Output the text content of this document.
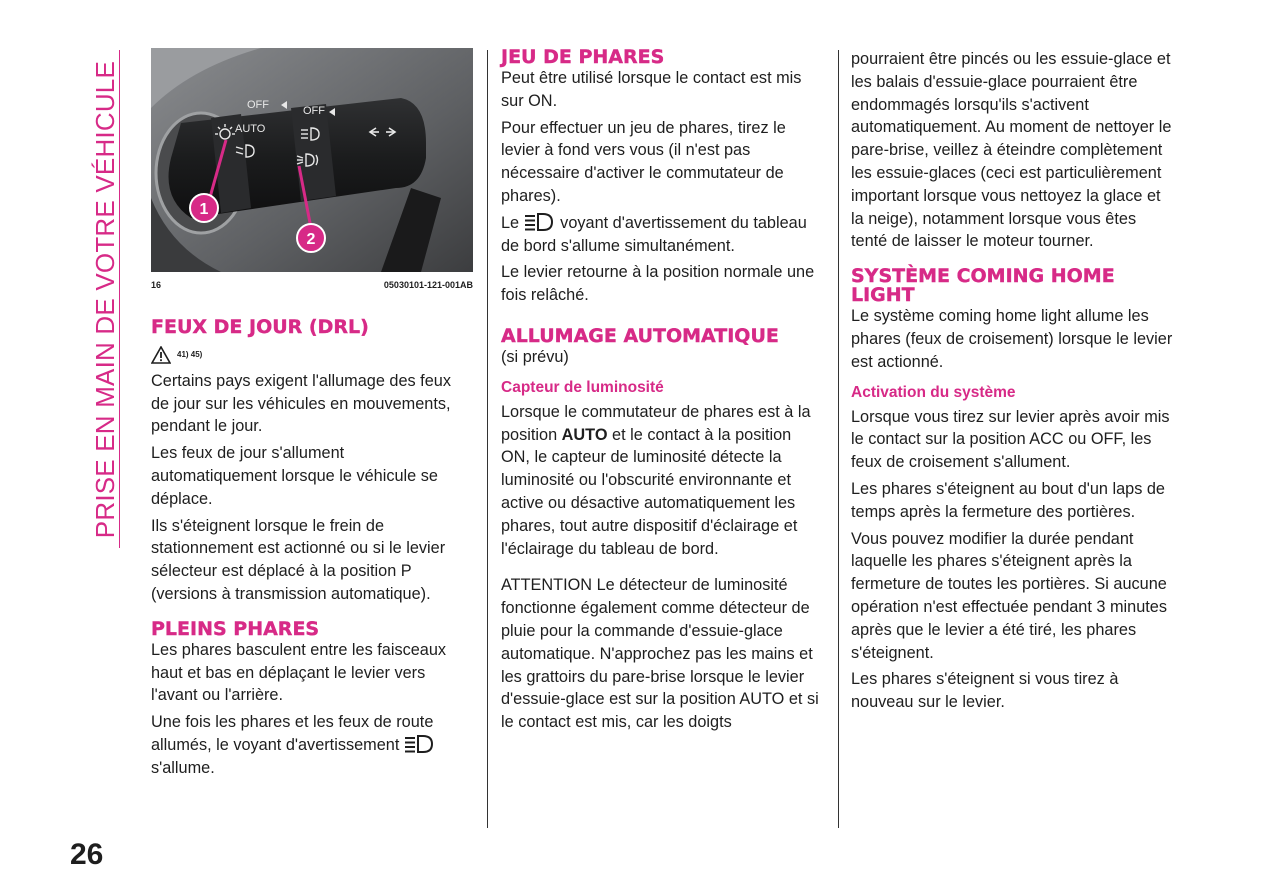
PRISE EN MAIN DE VOTRE VÉHICULE	OFF	OFF
AUTO
1
2
16	05030101-121-001AB
FEUX DE JOUR (DRL)
41) 45)

Certains pays exigent l'allumage des feux de jour sur les véhicules en mouvements, pendant le jour.

Les feux de jour s'allument automatiquement lorsque le véhicule se déplace.

Ils s'éteignent lorsque le frein de stationnement est actionné ou si le levier sélecteur est déplacé à la position P (versions à transmission automatique).

PLEINS PHARES

Les phares basculent entre les faisceaux haut et bas en déplaçant le levier vers l'avant ou l'arrière.

Une fois les phares et les feux de route allumés, le voyant d'avertissement  s'allume.

JEU DE PHARES

Peut être utilisé lorsque le contact est mis sur ON.

Pour effectuer un jeu de phares, tirez le levier à fond vers vous (il n'est pas nécessaire d'activer le commutateur de phares).

Le  voyant d'avertissement du tableau de bord s'allume simultanément.

Le levier retourne à la position normale une fois relâché.

ALLUMAGE AUTOMATIQUE

(si prévu)

Capteur de luminosité

Lorsque le commutateur de phares est à la position AUTO et le contact à la position ON, le capteur de luminosité détecte la luminosité ou l'obscurité environnante et active ou désactive automatiquement les phares, tout autre dispositif d'éclairage et l'éclairage du tableau de bord.

ATTENTION Le détecteur de luminosité fonctionne également comme détecteur de pluie pour la commande d'essuie-glace automatique. N'approchez pas les mains et les grattoirs du pare-brise lorsque le levier d'essuie-glace est sur la position AUTO et si le contact est mis, car les doigts

pourraient être pincés ou les essuie-glace et les balais d'essuie-glace pourraient être endommagés lorsqu'ils s'activent automatiquement. Au moment de nettoyer le pare-brise, veillez à éteindre complètement les essuie-glaces (ceci est particulièrement important lorsque vous nettoyez la glace et la neige), notamment lorsque vous êtes tenté de laisser le moteur tourner.

SYSTÈME COMING HOME LIGHT

Le système coming home light allume les phares (feux de croisement) lorsque le levier est actionné.

Activation du système

Lorsque vous tirez sur levier après avoir mis le contact sur la position ACC ou OFF, les feux de croisement s'allument.

Les phares s'éteignent au bout d'un laps de temps après la fermeture des portières.

Vous pouvez modifier la durée pendant laquelle les phares s'éteignent après la fermeture de toutes les portières. Si aucune opération n'est effectuée pendant 3 minutes après que le levier a été tiré, les phares s'éteignent.

Les phares s'éteignent si vous tirez à nouveau sur le levier.

26
